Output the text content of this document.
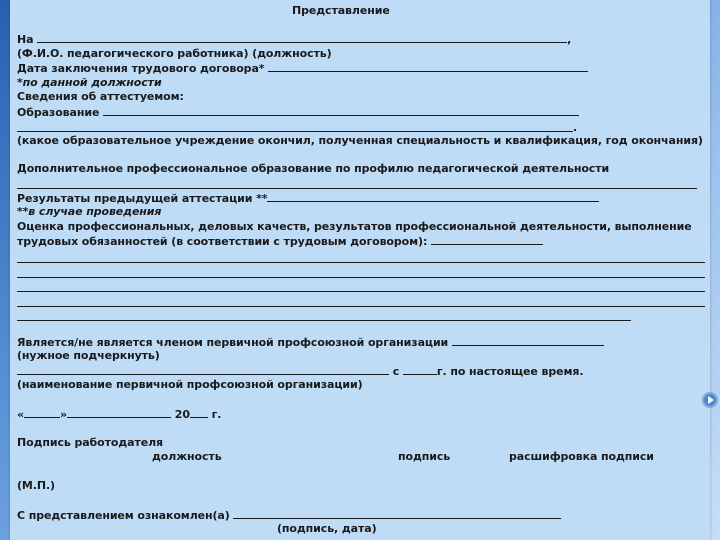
Представление
На	,
(Ф.И.О. педагогического работника) (должность)
Дата заключения трудового договора*
*по данной должности
Сведения об аттестуемом:
Образование
.
(какое образовательное учреждение окончил, полученная специальность и квалификация, год окончания)
Дополнительное профессиональное образование по профилю педагогической деятельности
Результаты предыдущей аттестации **
**в случае проведения
Оценка профессиональных, деловых качеств, результатов профессиональной деятельности, выполнение
трудовых обязанностей (в соответствии с трудовым договором):
Является/не является членом первичной профсоюзной организации
(нужное подчеркнуть)
с	г. по настоящее время.
(наименование первичной профсоюзной организации)
«	»	20 г.
Подпись работодателя
должность	подпись	расшифровка подписи
(М.П.)
С представлением ознакомлен(а)
(подпись, дата)
